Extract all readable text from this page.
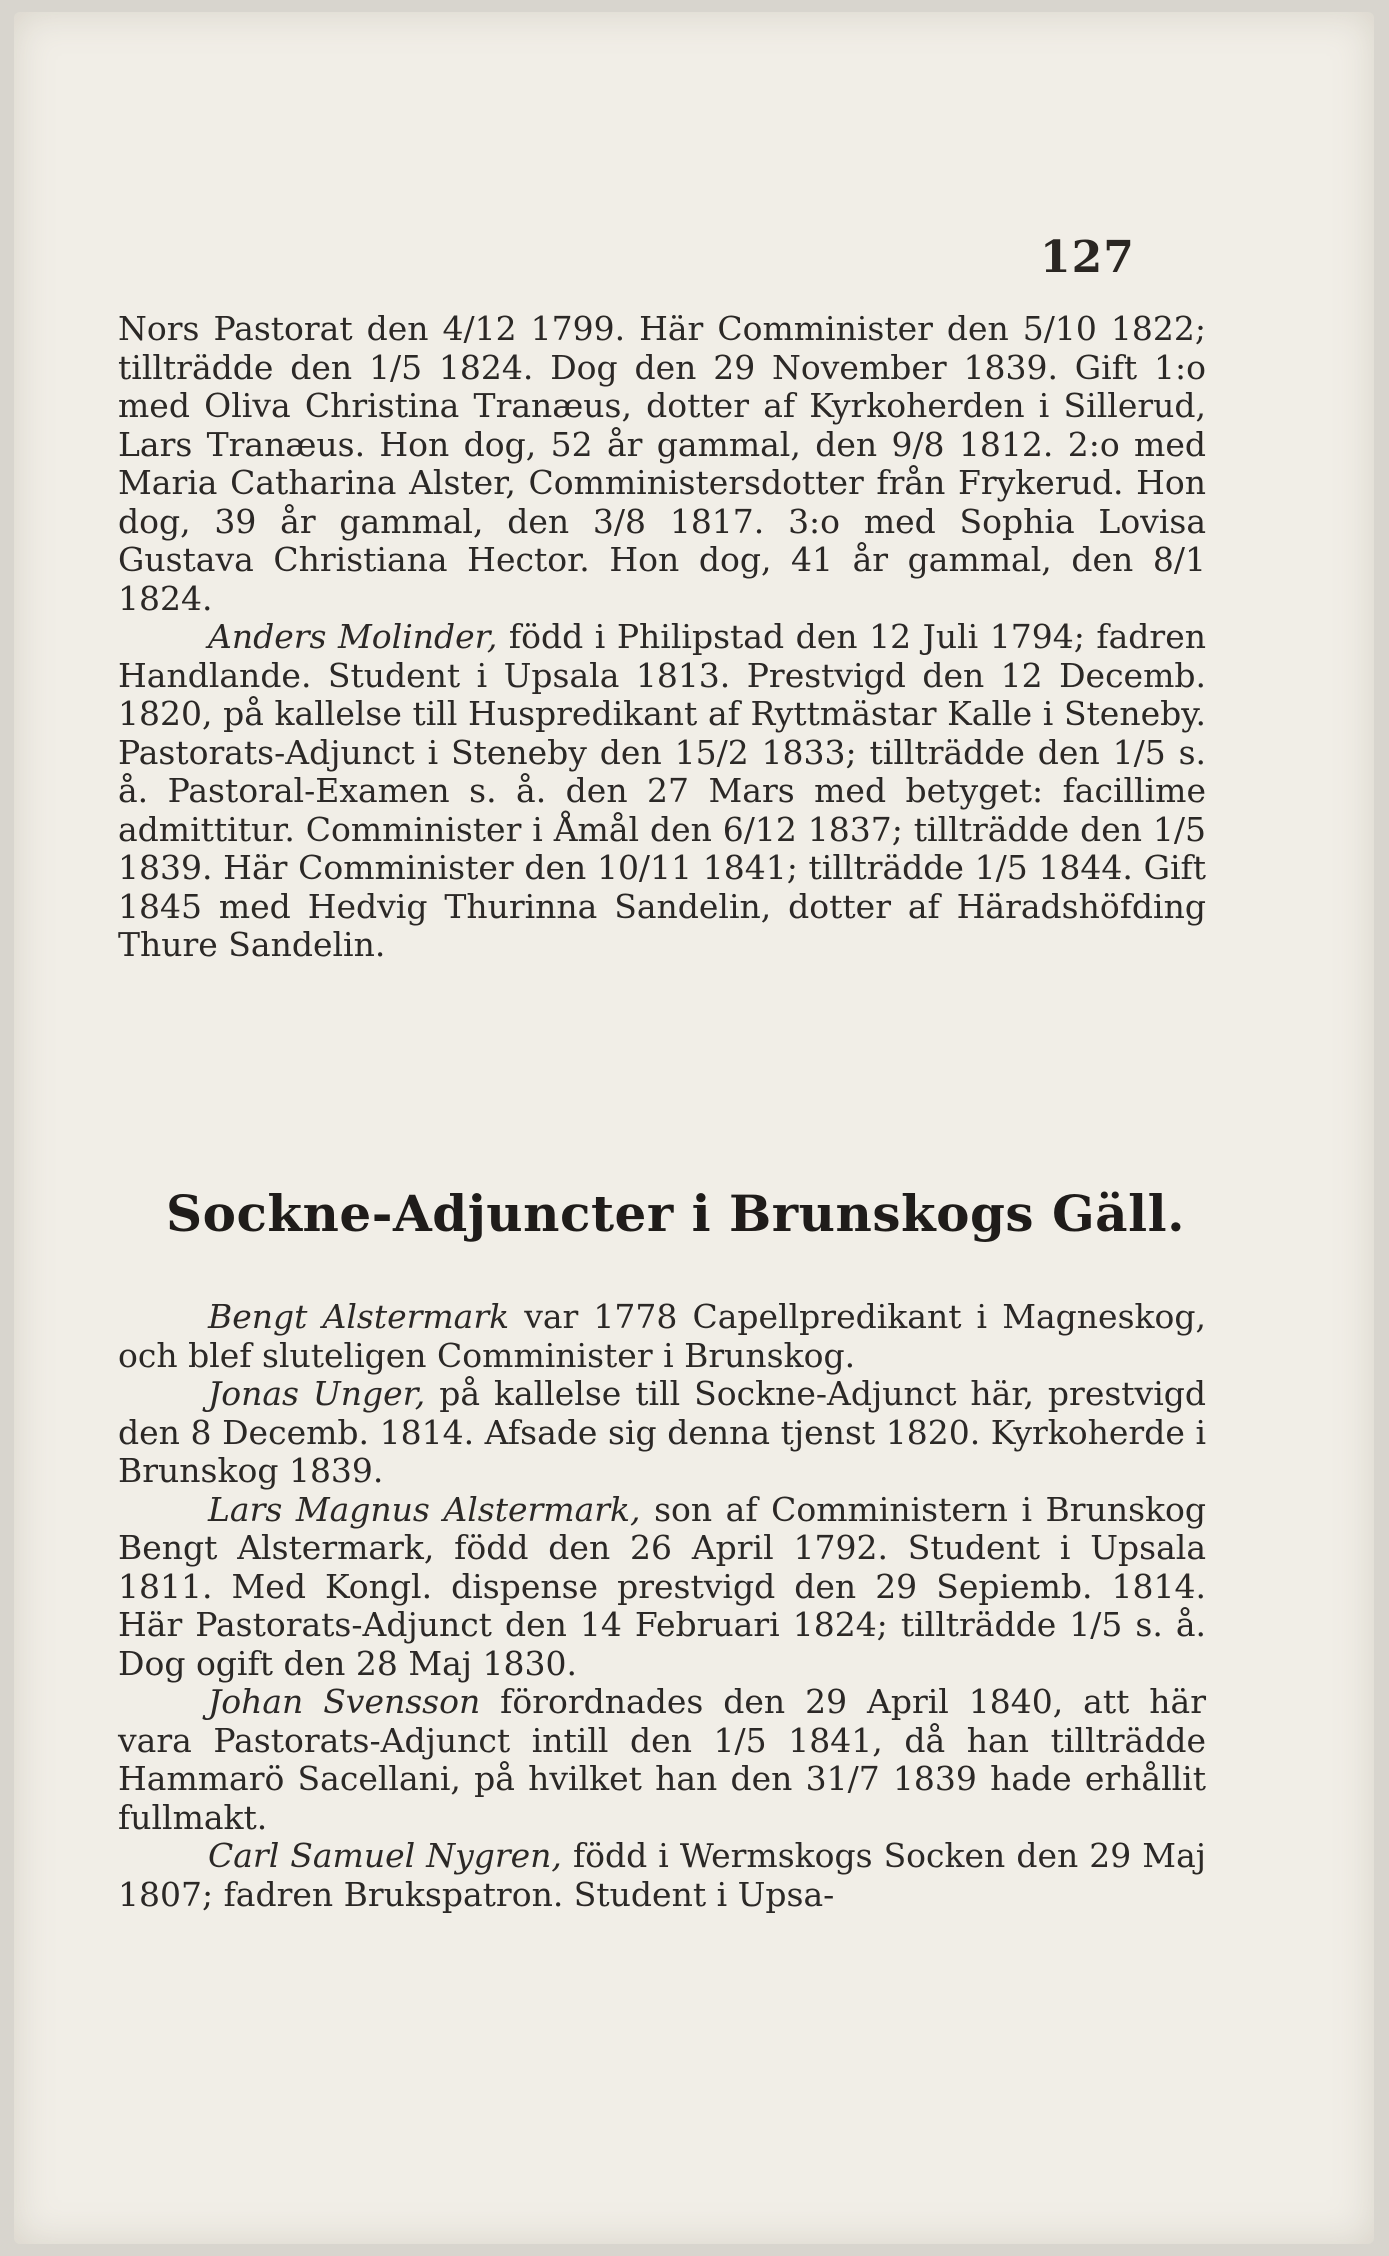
127

Nors Pastorat den 4/12 1799. Här Comminister den 5/10 1822; tillträdde den 1/5 1824. Dog den 29 November 1839. Gift 1:o med Oliva Christina Tranæus, dotter af Kyrkoherden i Sillerud, Lars Tranæus. Hon dog, 52 år gammal, den 9/8 1812. 2:o med Maria Catharina Alster, Comministersdotter från Frykerud. Hon dog, 39 år gammal, den 3/8 1817. 3:o med Sophia Lovisa Gustava Christiana Hector. Hon dog, 41 år gammal, den 8/1 1824.

Anders Molinder, född i Philipstad den 12 Juli 1794; fadren Handlande. Student i Upsala 1813. Prestvigd den 12 Decemb. 1820, på kallelse till Huspredikant af Ryttmästar Kalle i Steneby. Pastorats-Adjunct i Steneby den 15/2 1833; tillträdde den 1/5 s. å. Pastoral-Examen s. å. den 27 Mars med betyget: facillime admittitur. Comminister i Åmål den 6/12 1837; tillträdde den 1/5 1839. Här Comminister den 10/11 1841; tillträdde 1/5 1844. Gift 1845 med Hedvig Thurinna Sandelin, dotter af Häradshöfding Thure Sandelin.

Sockne-Adjuncter i Brunskogs Gäll.

Bengt Alstermark var 1778 Capellpredikant i Magneskog, och blef sluteligen Comminister i Brunskog.

Jonas Unger, på kallelse till Sockne-Adjunct här, prestvigd den 8 Decemb. 1814. Afsade sig denna tjenst 1820. Kyrkoherde i Brunskog 1839.

Lars Magnus Alstermark, son af Comministern i Brunskog Bengt Alstermark, född den 26 April 1792. Student i Upsala 1811. Med Kongl. dispense prestvigd den 29 Sepiemb. 1814. Här Pastorats-Adjunct den 14 Februari 1824; tillträdde 1/5 s. å. Dog ogift den 28 Maj 1830.

Johan Svensson förordnades den 29 April 1840, att här vara Pastorats-Adjunct intill den 1/5 1841, då han tillträdde Hammarö Sacellani, på hvilket han den 31/7 1839 hade erhållit fullmakt.

Carl Samuel Nygren, född i Wermskogs Socken den 29 Maj 1807; fadren Brukspatron. Student i Upsa-
